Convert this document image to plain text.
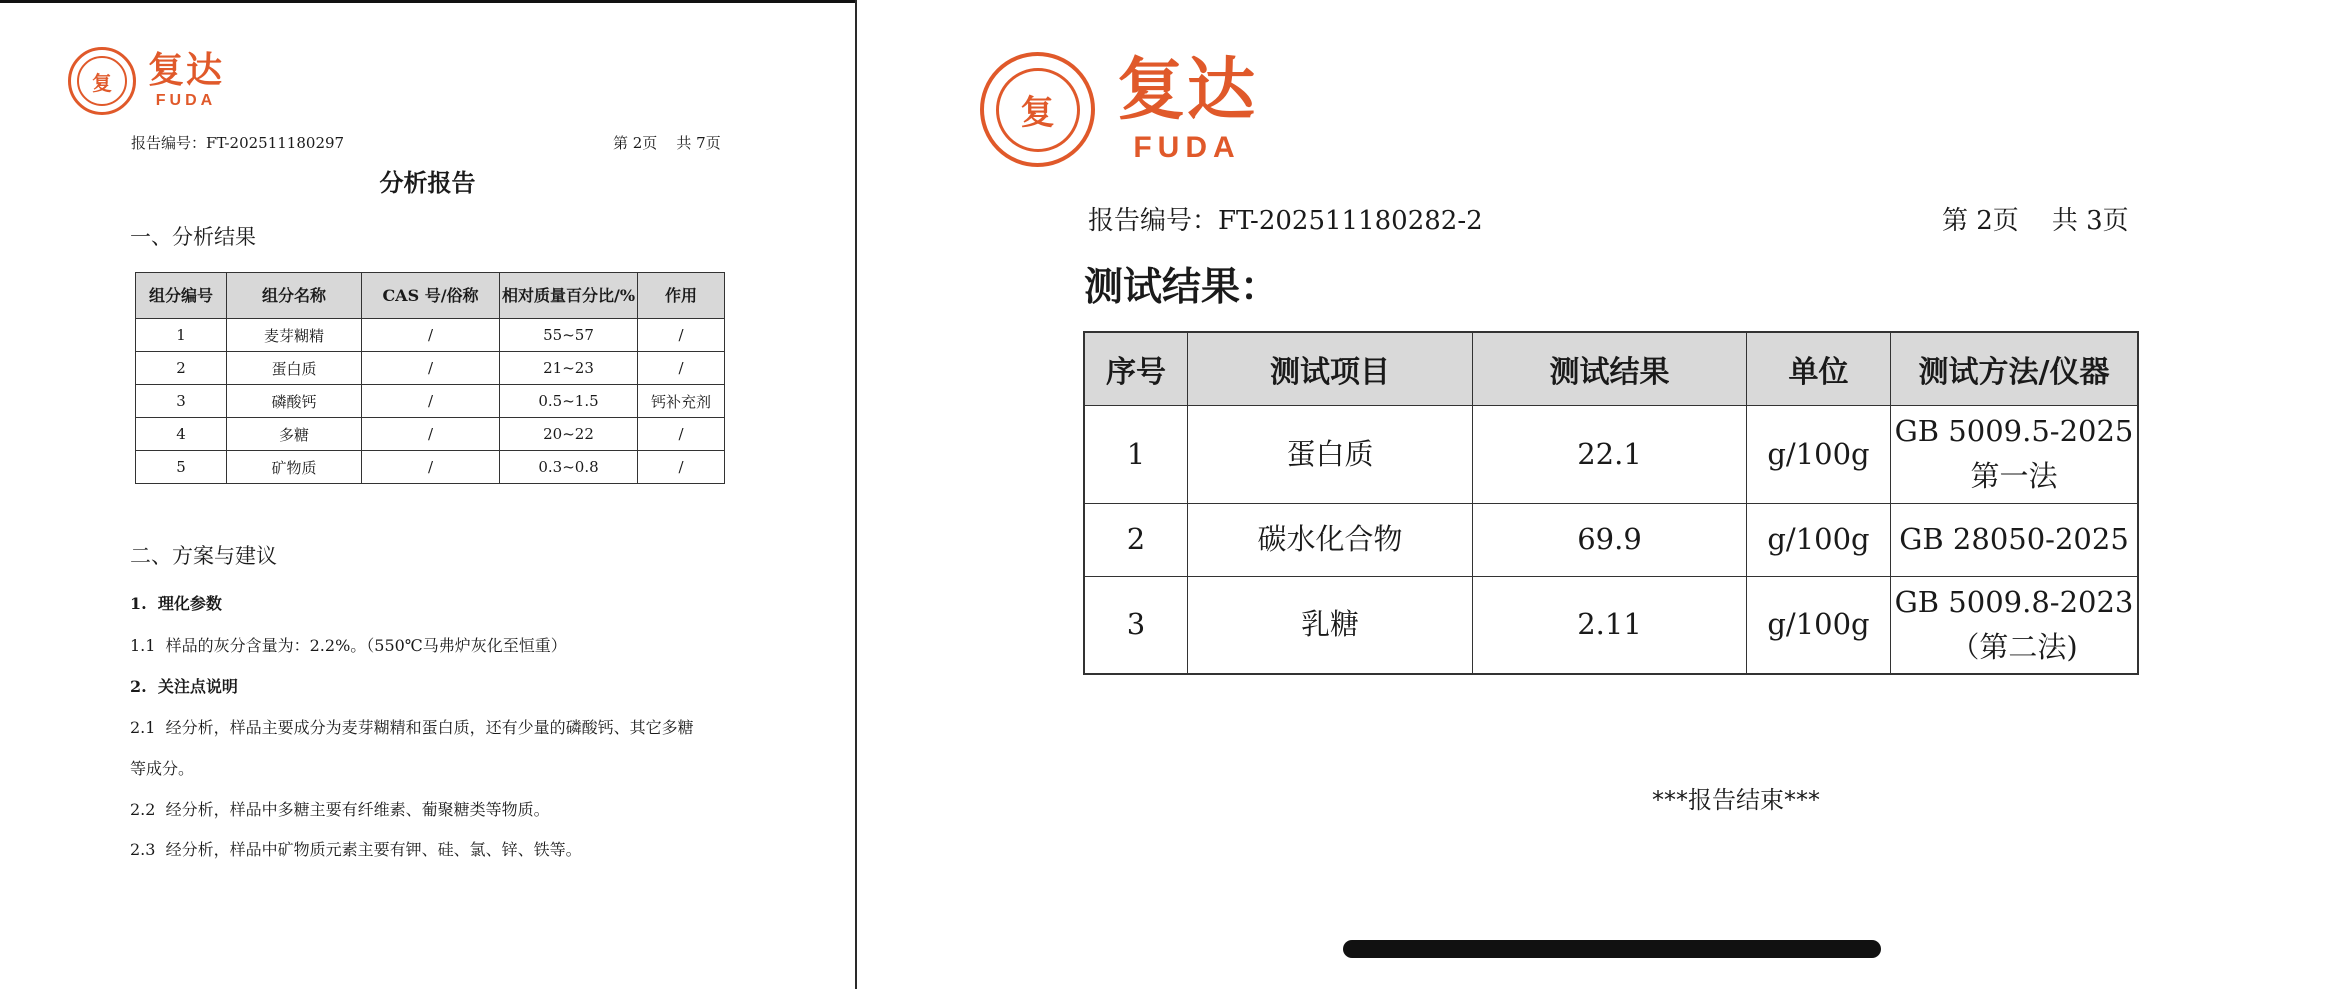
复	复达
FUDA
报告编号：FT-202511180297	第 2页    共 7页
分析报告
一、分析结果
组分编号	组分名称	CAS 号/俗称	相对质量百分比/%	作用
1	麦芽糊精	/	55~57	/
2	蛋白质	/	21~23	/
3	磷酸钙	/	0.5~1.5	钙补充剂
4	多糖	/	20~22	/
5	矿物质	/	0.3~0.8	/
二、方案与建议
1.  理化参数
1.1  样品的灰分含量为：2.2%。（550℃马弗炉灰化至恒重）
2.  关注点说明
2.1  经分析，样品主要成分为麦芽糊精和蛋白质，还有少量的磷酸钙、其它多糖
等成分。
2.2  经分析，样品中多糖主要有纤维素、葡聚糖类等物质。
2.3  经分析，样品中矿物质元素主要有钾、硅、氯、锌、铁等。
复 复达
FUDA
报告编号：FT-202511180282-2	第 2页    共 3页
测试结果：
序号	测试项目	测试结果	单位	测试方法/仪器
1	蛋白质	22.1	g/100g	GB 5009.5-2025
第一法

2	碳水化合物	69.9	g/100g	GB 28050-2025

3	乳糖	2.11	g/100g	GB 5009.8-2023
（第二法)
***报告结束***
